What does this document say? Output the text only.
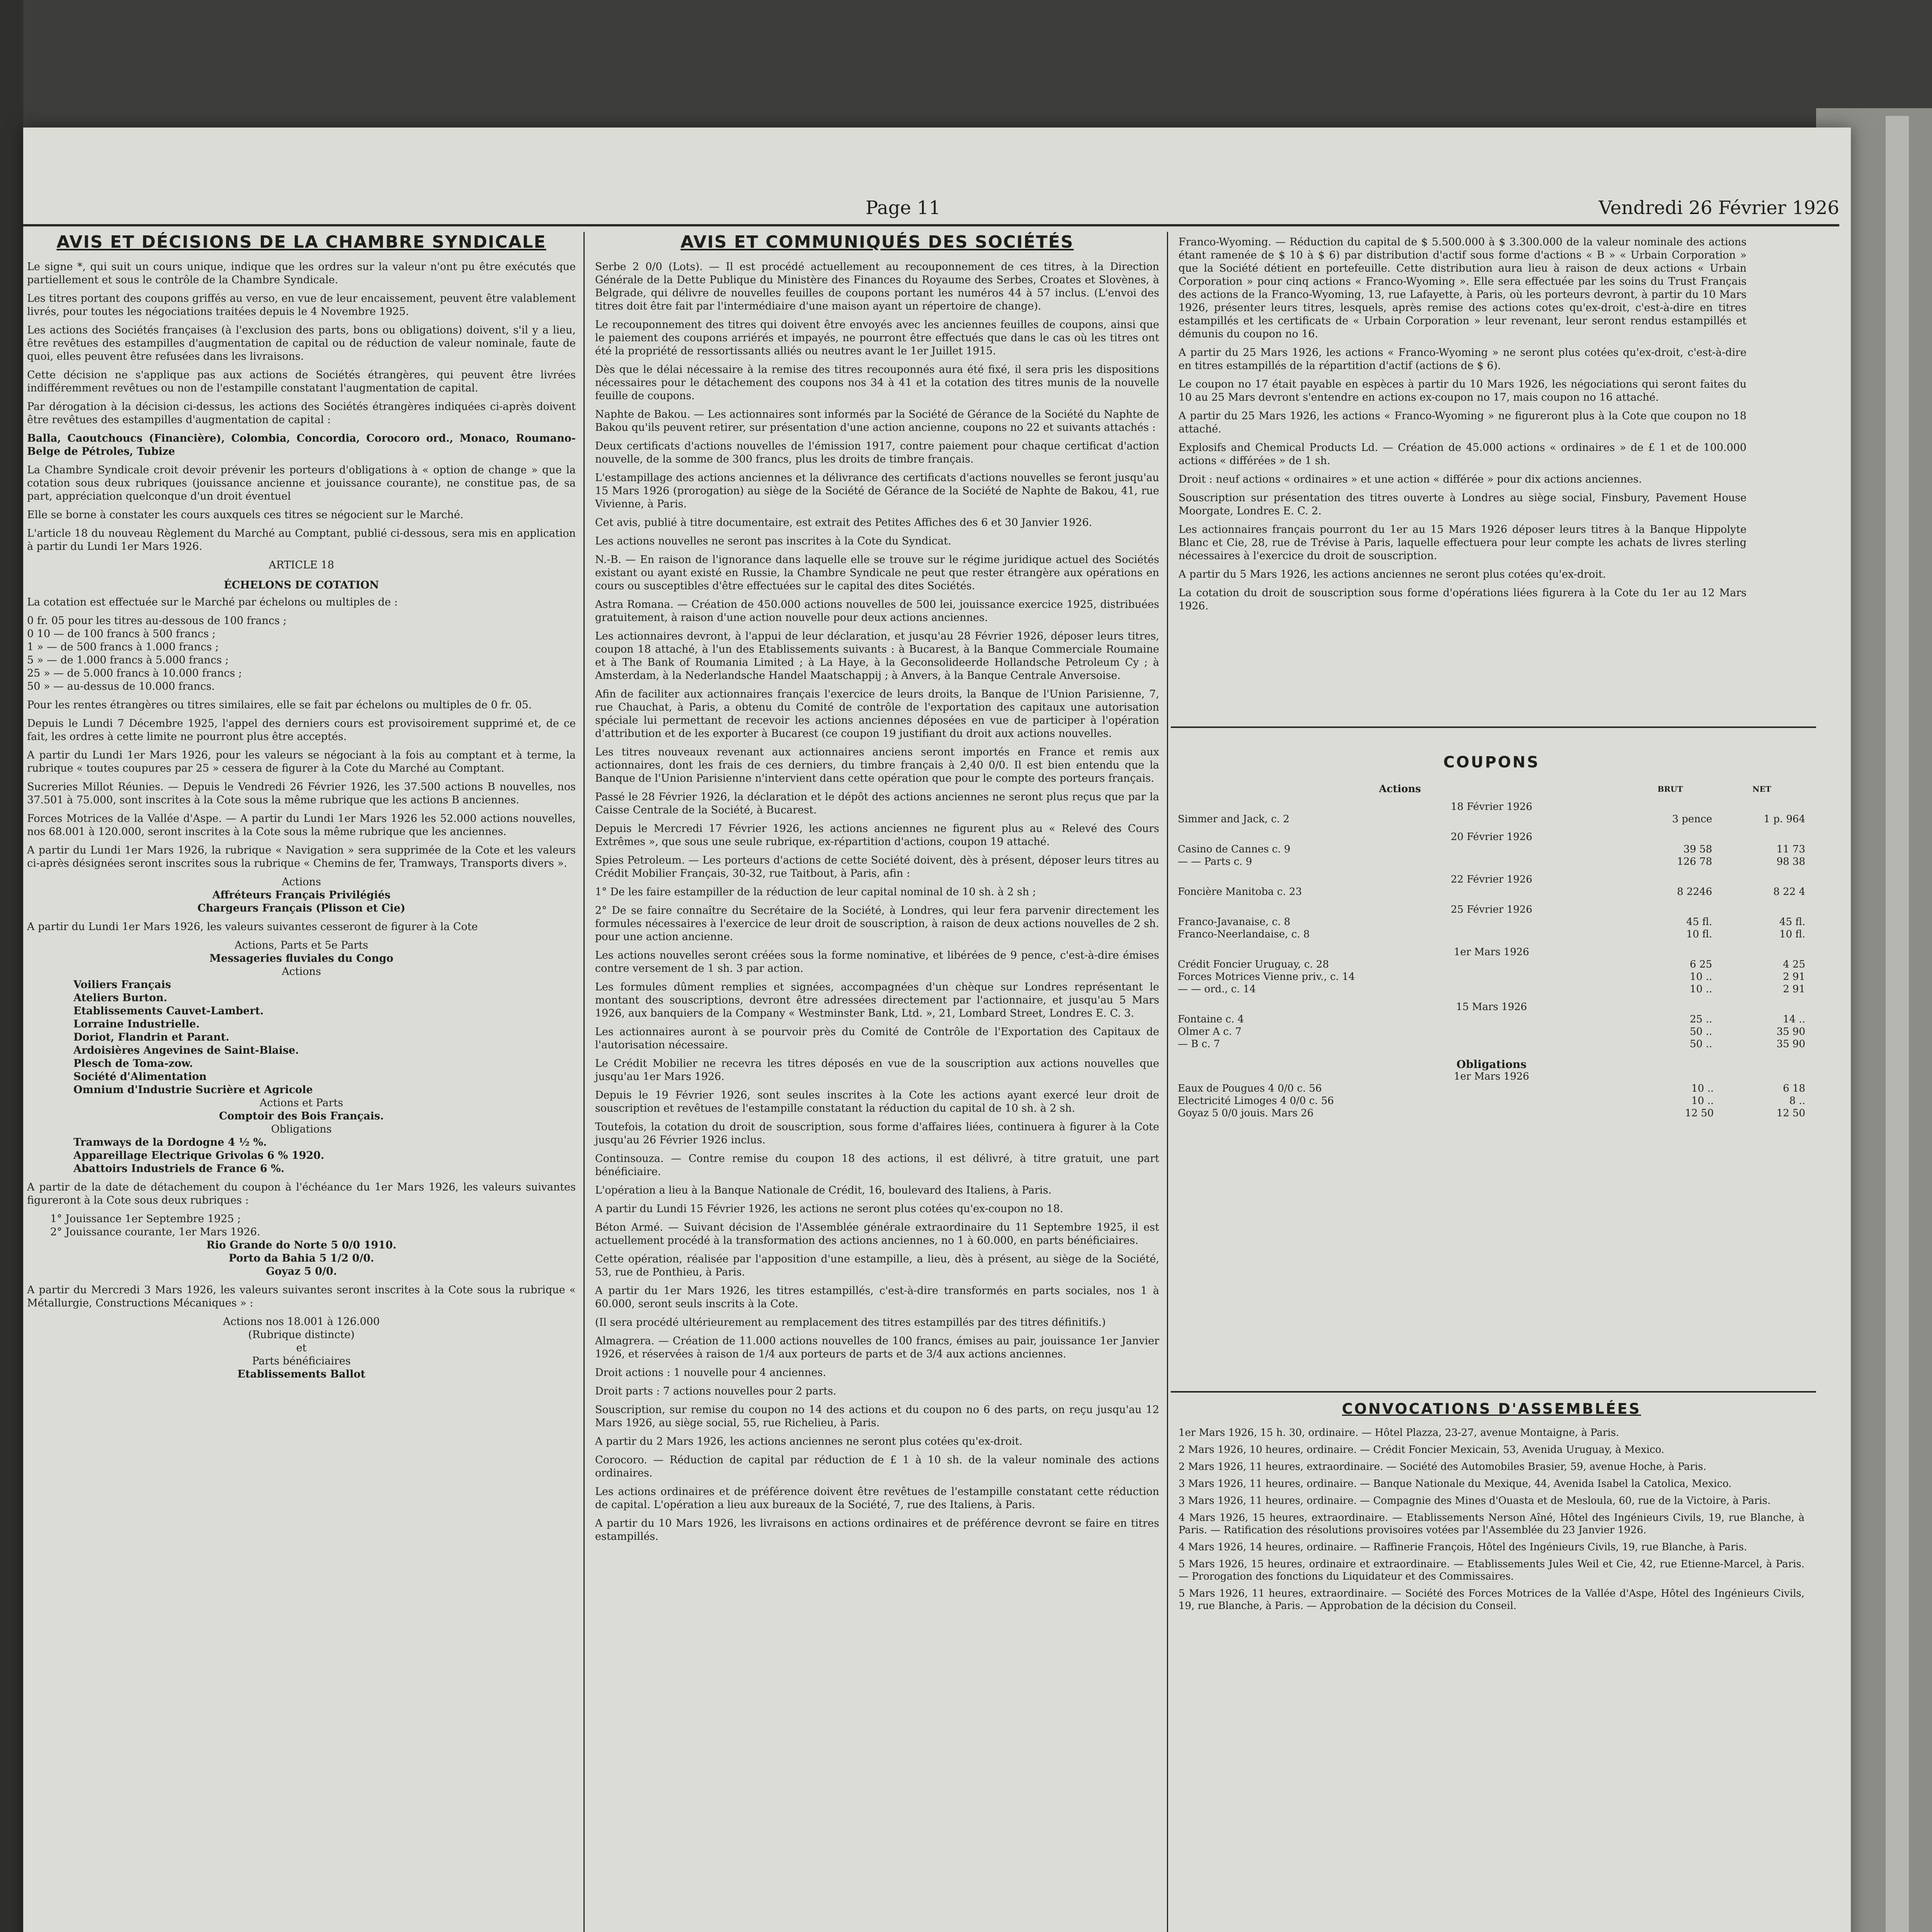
Page 11	Vendredi 26 Février 1926
AVIS ET DÉCISIONS DE LA CHAMBRE SYNDICALE

Le signe *, qui suit un cours unique, indique que les ordres sur la valeur n'ont pu être exécutés que partiellement et sous le contrôle de la Chambre Syndicale.

Les titres portant des coupons griffés au verso, en vue de leur encaissement, peuvent être valablement livrés, pour toutes les négociations traitées depuis le 4 Novembre 1925.

Les actions des Sociétés françaises (à l'exclusion des parts, bons ou obligations) doivent, s'il y a lieu, être revêtues des estampilles d'augmentation de capital ou de réduction de valeur nominale, faute de quoi, elles peuvent être refusées dans les livraisons.

Cette décision ne s'applique pas aux actions de Sociétés étrangères, qui peuvent être livrées indifféremment revêtues ou non de l'estampille constatant l'augmentation de capital.

Par dérogation à la décision ci-dessus, les actions des Sociétés étrangères indiquées ci-après doivent être revêtues des estampilles d'augmentation de capital :

Balla, Caoutchoucs (Financière), Colombia, Concordia, Corocoro ord., Monaco, Roumano-Belge de Pétroles, Tubize

La Chambre Syndicale croit devoir prévenir les porteurs d'obligations à « option de change » que la cotation sous deux rubriques (jouissance ancienne et jouissance courante), ne constitue pas, de sa part, appréciation quelconque d'un droit éventuel

Elle se borne à constater les cours auxquels ces titres se négocient sur le Marché.

L'article 18 du nouveau Règlement du Marché au Comptant, publié ci-dessous, sera mis en application à partir du Lundi 1er Mars 1926.

ARTICLE 18

ÉCHELONS DE COTATION

La cotation est effectuée sur le Marché par échelons ou multiples de :

0 fr. 05 pour les titres au-dessous de 100 francs ;

0 10 — de 100 francs à 500 francs ;

1 » — de 500 francs à 1.000 francs ;

5 » — de 1.000 francs à 5.000 francs ;

25 » — de 5.000 francs à 10.000 francs ;

50 » — au-dessus de 10.000 francs.

Pour les rentes étrangères ou titres similaires, elle se fait par échelons ou multiples de 0 fr. 05.

Depuis le Lundi 7 Décembre 1925, l'appel des derniers cours est provisoirement supprimé et, de ce fait, les ordres à cette limite ne pourront plus être acceptés.

A partir du Lundi 1er Mars 1926, pour les valeurs se négociant à la fois au comptant et à terme, la rubrique « toutes coupures par 25 » cessera de figurer à la Cote du Marché au Comptant.

Sucreries Millot Réunies. — Depuis le Vendredi 26 Février 1926, les 37.500 actions B nouvelles, nos 37.501 à 75.000, sont inscrites à la Cote sous la même rubrique que les actions B anciennes.

Forces Motrices de la Vallée d'Aspe. — A partir du Lundi 1er Mars 1926 les 52.000 actions nouvelles, nos 68.001 à 120.000, seront inscrites à la Cote sous la même rubrique que les anciennes.

A partir du Lundi 1er Mars 1926, la rubrique « Navigation » sera supprimée de la Cote et les valeurs ci-après désignées seront inscrites sous la rubrique « Chemins de fer, Tramways, Transports divers ».

Actions

Affréteurs Français Privilégiés

Chargeurs Français (Plisson et Cie)

A partir du Lundi 1er Mars 1926, les valeurs suivantes cesseront de figurer à la Cote

Actions, Parts et 5e Parts

Messageries fluviales du Congo

Actions

Voiliers Français

Ateliers Burton.

Etablissements Cauvet-Lambert.

Lorraine Industrielle.

Doriot, Flandrin et Parant.

Ardoisières Angevines de Saint-Blaise.

Plesch de Toma-zow.

Société d'Alimentation

Omnium d'Industrie Sucrière et Agricole

Actions et Parts

Comptoir des Bois Français.

Obligations

Tramways de la Dordogne 4 ½ %.

Appareillage Electrique Grivolas 6 % 1920.

Abattoirs Industriels de France 6 %.

A partir de la date de détachement du coupon à l'échéance du 1er Mars 1926, les valeurs suivantes figureront à la Cote sous deux rubriques :

1° Jouissance 1er Septembre 1925 ;

2° Jouissance courante, 1er Mars 1926.

Rio Grande do Norte 5 0/0 1910.

Porto da Bahia 5 1/2 0/0.

Goyaz 5 0/0.

A partir du Mercredi 3 Mars 1926, les valeurs suivantes seront inscrites à la Cote sous la rubrique « Métallurgie, Constructions Mécaniques » :

Actions nos 18.001 à 126.000

(Rubrique distincte)

et

Parts bénéficiaires

Etablissements Ballot

AVIS ET COMMUNIQUÉS DES SOCIÉTÉS

Serbe 2 0/0 (Lots). — Il est procédé actuellement au recouponnement de ces titres, à la Direction Générale de la Dette Publique du Ministère des Finances du Royaume des Serbes, Croates et Slovènes, à Belgrade, qui délivre de nouvelles feuilles de coupons portant les numéros 44 à 57 inclus. (L'envoi des titres doit être fait par l'intermédiaire d'une maison ayant un répertoire de change).

Le recouponnement des titres qui doivent être envoyés avec les anciennes feuilles de coupons, ainsi que le paiement des coupons arriérés et impayés, ne pourront être effectués que dans le cas où les titres ont été la propriété de ressortissants alliés ou neutres avant le 1er Juillet 1915.

Dès que le délai nécessaire à la remise des titres recouponnés aura été fixé, il sera pris les dispositions nécessaires pour le détachement des coupons nos 34 à 41 et la cotation des titres munis de la nouvelle feuille de coupons.

Naphte de Bakou. — Les actionnaires sont informés par la Société de Gérance de la Société du Naphte de Bakou qu'ils peuvent retirer, sur présentation d'une action ancienne, coupons no 22 et suivants attachés :

Deux certificats d'actions nouvelles de l'émission 1917, contre paiement pour chaque certificat d'action nouvelle, de la somme de 300 francs, plus les droits de timbre français.

L'estampillage des actions anciennes et la délivrance des certificats d'actions nouvelles se feront jusqu'au 15 Mars 1926 (prorogation) au siège de la Société de Gérance de la Société de Naphte de Bakou, 41, rue Vivienne, à Paris.

Cet avis, publié à titre documentaire, est extrait des Petites Affiches des 6 et 30 Janvier 1926.

Les actions nouvelles ne seront pas inscrites à la Cote du Syndicat.

N.-B. — En raison de l'ignorance dans laquelle elle se trouve sur le régime juridique actuel des Sociétés existant ou ayant existé en Russie, la Chambre Syndicale ne peut que rester étrangère aux opérations en cours ou susceptibles d'être effectuées sur le capital des dites Sociétés.

Astra Romana. — Création de 450.000 actions nouvelles de 500 lei, jouissance exercice 1925, distribuées gratuitement, à raison d'une action nouvelle pour deux actions anciennes.

Les actionnaires devront, à l'appui de leur déclaration, et jusqu'au 28 Février 1926, déposer leurs titres, coupon 18 attaché, à l'un des Etablissements suivants : à Bucarest, à la Banque Commerciale Roumaine et à The Bank of Roumania Limited ; à La Haye, à la Geconsolideerde Hollandsche Petroleum Cy ; à Amsterdam, à la Nederlandsche Handel Maatschappij ; à Anvers, à la Banque Centrale Anversoise.

Afin de faciliter aux actionnaires français l'exercice de leurs droits, la Banque de l'Union Parisienne, 7, rue Chauchat, à Paris, a obtenu du Comité de contrôle de l'exportation des capitaux une autorisation spéciale lui permettant de recevoir les actions anciennes déposées en vue de participer à l'opération d'attribution et de les exporter à Bucarest (ce coupon 19 justifiant du droit aux actions nouvelles.

Les titres nouveaux revenant aux actionnaires anciens seront importés en France et remis aux actionnaires, dont les frais de ces derniers, du timbre français à 2,40 0/0. Il est bien entendu que la Banque de l'Union Parisienne n'intervient dans cette opération que pour le compte des porteurs français.

Passé le 28 Février 1926, la déclaration et le dépôt des actions anciennes ne seront plus reçus que par la Caisse Centrale de la Société, à Bucarest.

Depuis le Mercredi 17 Février 1926, les actions anciennes ne figurent plus au « Relevé des Cours Extrêmes », que sous une seule rubrique, ex-répartition d'actions, coupon 19 attaché.

Spies Petroleum. — Les porteurs d'actions de cette Société doivent, dès à présent, déposer leurs titres au Crédit Mobilier Français, 30-32, rue Taitbout, à Paris, afin :

1° De les faire estampiller de la réduction de leur capital nominal de 10 sh. à 2 sh ;

2° De se faire connaître du Secrétaire de la Société, à Londres, qui leur fera parvenir directement les formules nécessaires à l'exercice de leur droit de souscription, à raison de deux actions nouvelles de 2 sh. pour une action ancienne.

Les actions nouvelles seront créées sous la forme nominative, et libérées de 9 pence, c'est-à-dire émises contre versement de 1 sh. 3 par action.

Les formules dûment remplies et signées, accompagnées d'un chèque sur Londres représentant le montant des souscriptions, devront être adressées directement par l'actionnaire, et jusqu'au 5 Mars 1926, aux banquiers de la Company « Westminster Bank, Ltd. », 21, Lombard Street, Londres E. C. 3.

Les actionnaires auront à se pourvoir près du Comité de Contrôle de l'Exportation des Capitaux de l'autorisation nécessaire.

Le Crédit Mobilier ne recevra les titres déposés en vue de la souscription aux actions nouvelles que jusqu'au 1er Mars 1926.

Depuis le 19 Février 1926, sont seules inscrites à la Cote les actions ayant exercé leur droit de souscription et revêtues de l'estampille constatant la réduction du capital de 10 sh. à 2 sh.

Toutefois, la cotation du droit de souscription, sous forme d'affaires liées, continuera à figurer à la Cote jusqu'au 26 Février 1926 inclus.

Continsouza. — Contre remise du coupon 18 des actions, il est délivré, à titre gratuit, une part bénéficiaire.

L'opération a lieu à la Banque Nationale de Crédit, 16, boulevard des Italiens, à Paris.

A partir du Lundi 15 Février 1926, les actions ne seront plus cotées qu'ex-coupon no 18.

Béton Armé. — Suivant décision de l'Assemblée générale extraordinaire du 11 Septembre 1925, il est actuellement procédé à la transformation des actions anciennes, no 1 à 60.000, en parts bénéficiaires.

Cette opération, réalisée par l'apposition d'une estampille, a lieu, dès à présent, au siège de la Société, 53, rue de Ponthieu, à Paris.

A partir du 1er Mars 1926, les titres estampillés, c'est-à-dire transformés en parts sociales, nos 1 à 60.000, seront seuls inscrits à la Cote.

(Il sera procédé ultérieurement au remplacement des titres estampillés par des titres définitifs.)

Almagrera. — Création de 11.000 actions nouvelles de 100 francs, émises au pair, jouissance 1er Janvier 1926, et réservées à raison de 1/4 aux porteurs de parts et de 3/4 aux actions anciennes.

Droit actions : 1 nouvelle pour 4 anciennes.

Droit parts : 7 actions nouvelles pour 2 parts.

Souscription, sur remise du coupon no 14 des actions et du coupon no 6 des parts, on reçu jusqu'au 12 Mars 1926, au siège social, 55, rue Richelieu, à Paris.

A partir du 2 Mars 1926, les actions anciennes ne seront plus cotées qu'ex-droit.

Corocoro. — Réduction de capital par réduction de £ 1 à 10 sh. de la valeur nominale des actions ordinaires.

Les actions ordinaires et de préférence doivent être revêtues de l'estampille constatant cette réduction de capital. L'opération a lieu aux bureaux de la Société, 7, rue des Italiens, à Paris.

A partir du 10 Mars 1926, les livraisons en actions ordinaires et de préférence devront se faire en titres estampillés.

Franco-Wyoming. — Réduction du capital de $ 5.500.000 à $ 3.300.000 de la valeur nominale des actions étant ramenée de $ 10 à $ 6) par distribution d'actif sous forme d'actions « B » « Urbain Corporation » que la Société détient en portefeuille. Cette distribution aura lieu à raison de deux actions « Urbain Corporation » pour cinq actions « Franco-Wyoming ». Elle sera effectuée par les soins du Trust Français des actions de la Franco-Wyoming, 13, rue Lafayette, à Paris, où les porteurs devront, à partir du 10 Mars 1926, présenter leurs titres, lesquels, après remise des actions cotes qu'ex-droit, c'est-à-dire en titres estampillés et les certificats de « Urbain Corporation » leur revenant, leur seront rendus estampillés et démunis du coupon no 16.

A partir du 25 Mars 1926, les actions « Franco-Wyoming » ne seront plus cotées qu'ex-droit, c'est-à-dire en titres estampillés de la répartition d'actif (actions de $ 6).

Le coupon no 17 était payable en espèces à partir du 10 Mars 1926, les négociations qui seront faites du 10 au 25 Mars devront s'entendre en actions ex-coupon no 17, mais coupon no 16 attaché.

A partir du 25 Mars 1926, les actions « Franco-Wyoming » ne figureront plus à la Cote que coupon no 18 attaché.

Explosifs and Chemical Products Ld. — Création de 45.000 actions « ordinaires » de £ 1 et de 100.000 actions « différées » de 1 sh.

Droit : neuf actions « ordinaires » et une action « différée » pour dix actions anciennes.

Souscription sur présentation des titres ouverte à Londres au siège social, Finsbury, Pavement House Moorgate, Londres E. C. 2.

Les actionnaires français pourront du 1er au 15 Mars 1926 déposer leurs titres à la Banque Hippolyte Blanc et Cie, 28, rue de Trévise à Paris, laquelle effectuera pour leur compte les achats de livres sterling nécessaires à l'exercice du droit de souscription.

A partir du 5 Mars 1926, les actions anciennes ne seront plus cotées qu'ex-droit.

La cotation du droit de souscription sous forme d'opérations liées figurera à la Cote du 1er au 12 Mars 1926.

COUPONS
Actions	BRUT	NET
18 Février 1926		
Simmer and Jack, c. 2	3 pence	1 p. 964
20 Février 1926		
Casino de Cannes c. 9	39 58	11 73
— — Parts c. 9	126 78	98 38
22 Février 1926		
Foncière Manitoba c. 23	8 2246	8 22 4
25 Février 1926		
Franco-Javanaise, c. 8	45 fl.	45 fl.
Franco-Neerlandaise, c. 8	10 fl.	10 fl.
1er Mars 1926		
Crédit Foncier Uruguay, c. 28	6 25	4 25
Forces Motrices Vienne priv., c. 14	10 ..	2 91
— — ord., c. 14	10 ..	2 91
15 Mars 1926		
Fontaine c. 4	25 ..	14 ..
Olmer A c. 7	50 ..	35 90
— B c. 7	50 ..	35 90
Obligations
1er Mars 1926
Eaux de Pougues 4 0/0 c. 56	10 ..	6 18
Electricité Limoges 4 0/0 c. 56	10 ..	8 ..
Goyaz 5 0/0 jouis. Mars 26	12 50	12 50
CONVOCATIONS D'ASSEMBLÉES

1er Mars 1926, 15 h. 30, ordinaire. — Hôtel Plazza, 23-27, avenue Montaigne, à Paris.

2 Mars 1926, 10 heures, ordinaire. — Crédit Foncier Mexicain, 53, Avenida Uruguay, à Mexico.

2 Mars 1926, 11 heures, extraordinaire. — Société des Automobiles Brasier, 59, avenue Hoche, à Paris.

3 Mars 1926, 11 heures, ordinaire. — Banque Nationale du Mexique, 44, Avenida Isabel la Catolica, Mexico.

3 Mars 1926, 11 heures, ordinaire. — Compagnie des Mines d'Ouasta et de Mesloula, 60, rue de la Victoire, à Paris.

4 Mars 1926, 15 heures, extraordinaire. — Etablissements Nerson Aîné, Hôtel des Ingénieurs Civils, 19, rue Blanche, à Paris. — Ratification des résolutions provisoires votées par l'Assemblée du 23 Janvier 1926.

4 Mars 1926, 14 heures, ordinaire. — Raffinerie François, Hôtel des Ingénieurs Civils, 19, rue Blanche, à Paris.

5 Mars 1926, 15 heures, ordinaire et extraordinaire. — Etablissements Jules Weil et Cie, 42, rue Etienne-Marcel, à Paris. — Prorogation des fonctions du Liquidateur et des Commissaires.

5 Mars 1926, 11 heures, extraordinaire. — Société des Forces Motrices de la Vallée d'Aspe, Hôtel des Ingénieurs Civils, 19, rue Blanche, à Paris. — Approbation de la décision du Conseil.
